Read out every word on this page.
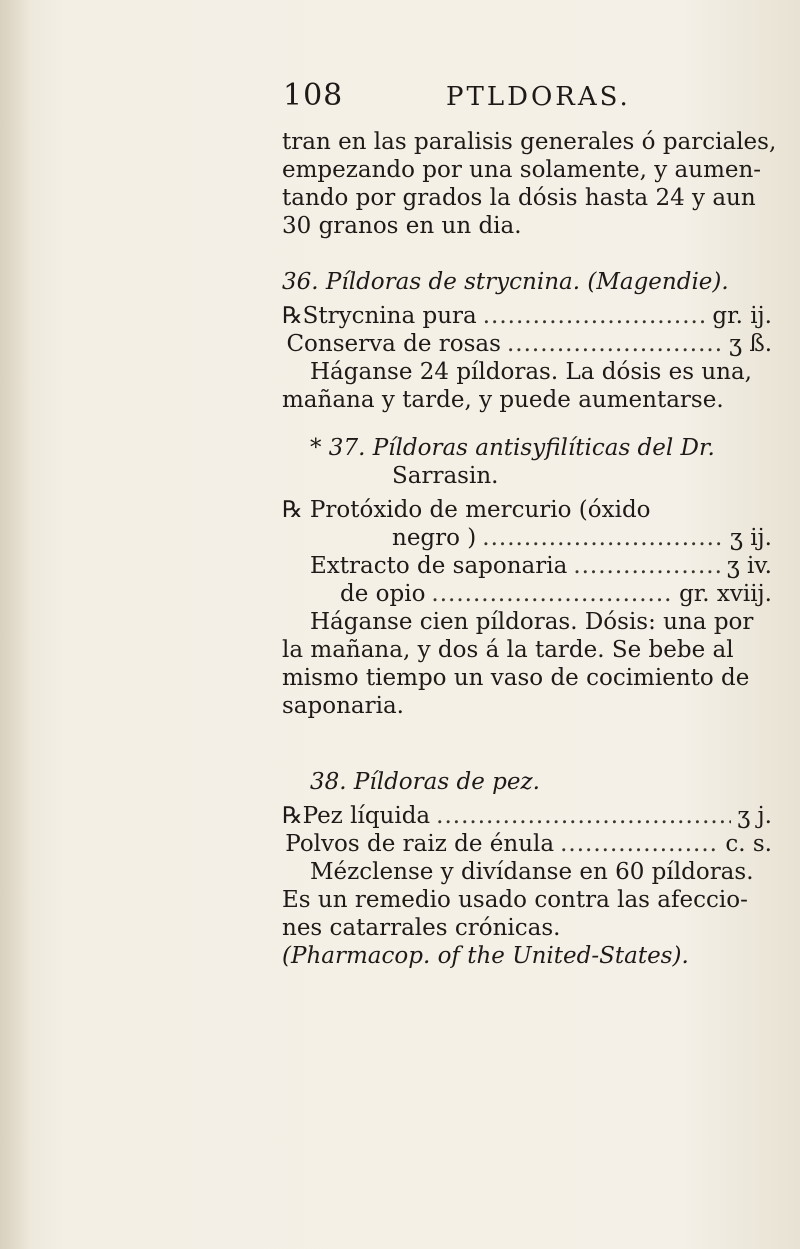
108	PTLDORAS.
tran en las paralisis generales ó parciales,
empezando por una solamente, y aumen-
tando por grados la dósis hasta 24 y aun
30 granos en un dia.
36. Píldoras de strycnina. (Magendie).
℞ Strycnina pura .....	gr. ij.
Conserva de rosas .....	ʒ ß.
Háganse 24 píldoras. La dósis es una,
mañana y tarde, y puede aumentarse.
* 37. Píldoras antisyfilíticas del Dr.
Sarrasin.
℞ Protóxido de mercurio (óxido
negro ) .....	ʒ ij.
Extracto de saponaria .....	ʒ iv.
de opio .....	gr. xviij.
Háganse cien píldoras. Dósis: una por
la mañana, y dos á la tarde. Se bebe al
mismo tiempo un vaso de cocimiento de
saponaria.
38. Píldoras de pez.
℞ Pez líquida .....	ʒ j.
Polvos de raiz de énula .....	c. s.
Mézclense y divídanse en 60 píldoras.
Es un remedio usado contra las afeccio-
nes catarrales crónicas.
(Pharmacop. of the United-States).
